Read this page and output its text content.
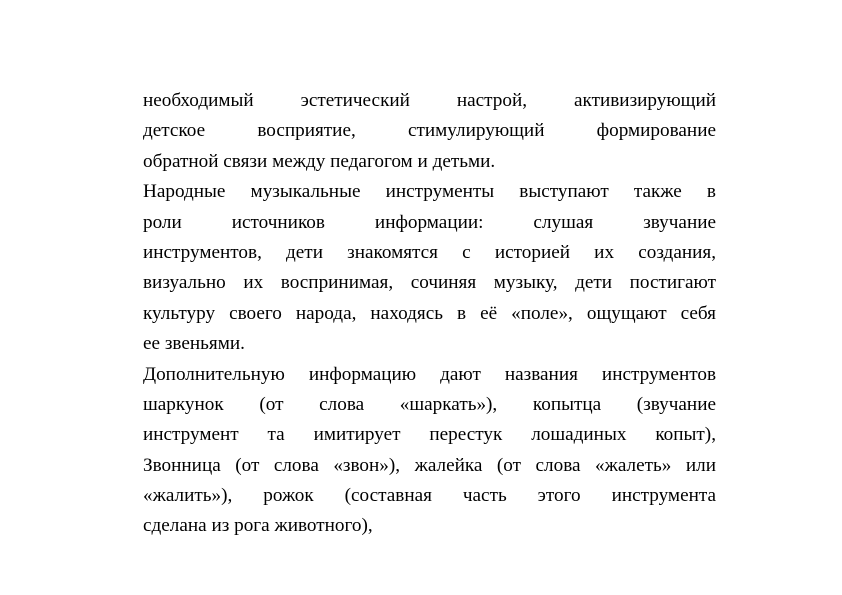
необходимый эстетический настрой, активизирующий
детское восприятие, стимулирующий формирование
обратной связи между педагогом и детьми.
Народные музыкальные инструменты выступают также в
роли источников информации: слушая звучание
инструментов, дети знакомятся с историей их создания,
визуально их воспринимая, сочиняя музыку, дети постигают
культуру своего народа, находясь в её «поле», ощущают себя
ее звеньями.
Дополнительную информацию дают названия инструментов
шаркунок (от слова «шаркать»), копытца (звучание
инструмент та имитирует перестук лошадиных копыт),
Звонница (от слова «звон»), жалейка (от слова «жалеть» или
«жалить»), рожок (составная часть этого инструмента
сделана из рога животного),
